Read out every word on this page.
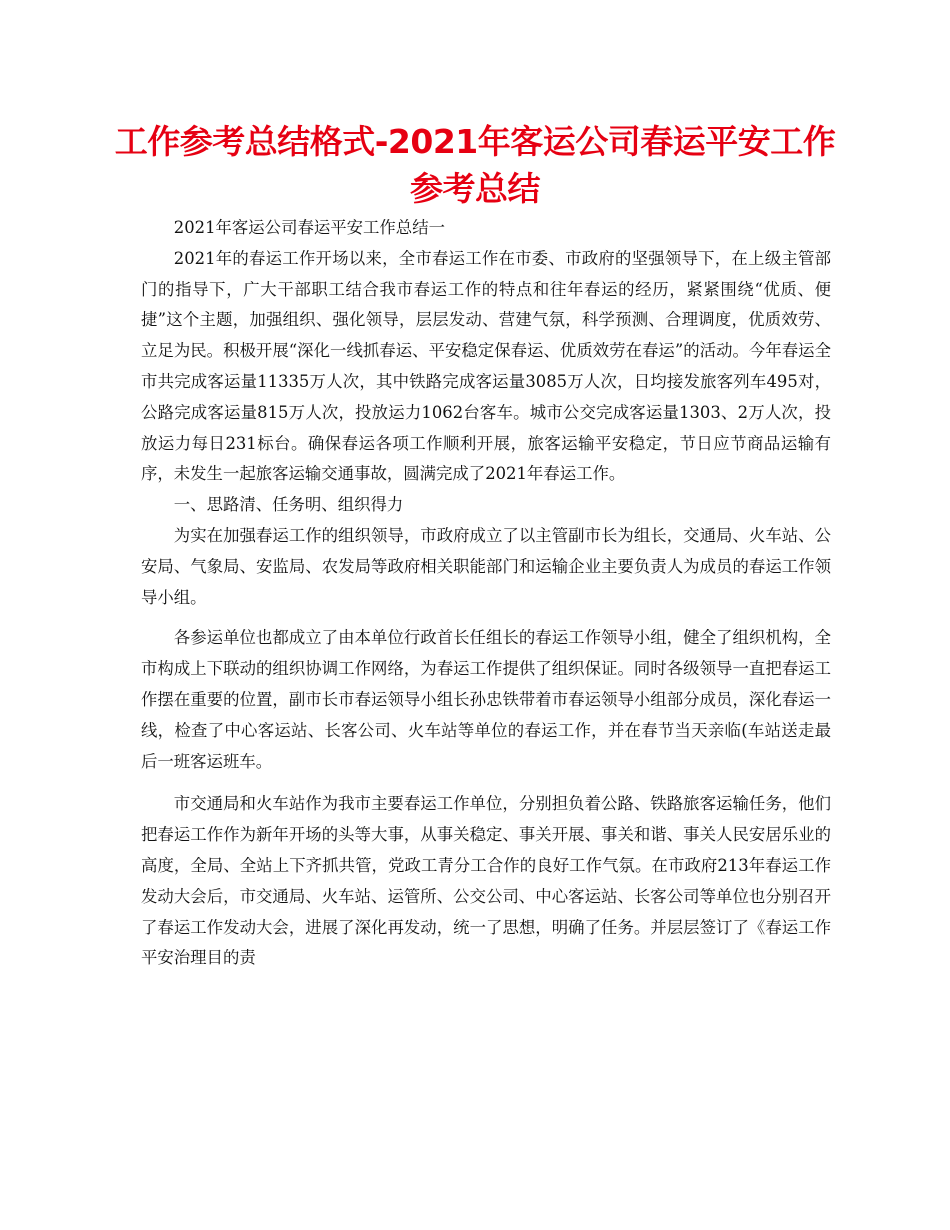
工作参考总结格式-2021年客运公司春运平安工作参考总结

2021年客运公司春运平安工作总结一

2021年的春运工作开场以来，全市春运工作在市委、市政府的坚强领导下，在上级主管部门的指导下，广大干部职工结合我市春运工作的特点和往年春运的经历，紧紧围绕“优质、便捷”这个主题，加强组织、强化领导，层层发动、营建气氛，科学预测、合理调度，优质效劳、立足为民。积极开展“深化一线抓春运、平安稳定保春运、优质效劳在春运”的活动。今年春运全市共完成客运量11335万人次，其中铁路完成客运量3085万人次，日均接发旅客列车495对，公路完成客运量815万人次，投放运力1062台客车。城市公交完成客运量1303、2万人次，投放运力每日231标台。确保春运各项工作顺利开展，旅客运输平安稳定，节日应节商品运输有序，未发生一起旅客运输交通事故，圆满完成了2021年春运工作。

一、思路清、任务明、组织得力

为实在加强春运工作的组织领导，市政府成立了以主管副市长为组长，交通局、火车站、公安局、气象局、安监局、农发局等政府相关职能部门和运输企业主要负责人为成员的春运工作领导小组。

各参运单位也都成立了由本单位行政首长任组长的春运工作领导小组，健全了组织机构，全市构成上下联动的组织协调工作网络，为春运工作提供了组织保证。同时各级领导一直把春运工作摆在重要的位置，副市长市春运领导小组长孙忠铁带着市春运领导小组部分成员，深化春运一线，检查了中心客运站、长客公司、火车站等单位的春运工作，并在春节当天亲临(车站送走最后一班客运班车。

市交通局和火车站作为我市主要春运工作单位，分别担负着公路、铁路旅客运输任务，他们把春运工作作为新年开场的头等大事，从事关稳定、事关开展、事关和谐、事关人民安居乐业的高度，全局、全站上下齐抓共管，党政工青分工合作的良好工作气氛。在市政府213年春运工作发动大会后，市交通局、火车站、运管所、公交公司、中心客运站、长客公司等单位也分别召开了春运工作发动大会，进展了深化再发动，统一了思想，明确了任务。并层层签订了《春运工作平安治理目的责
